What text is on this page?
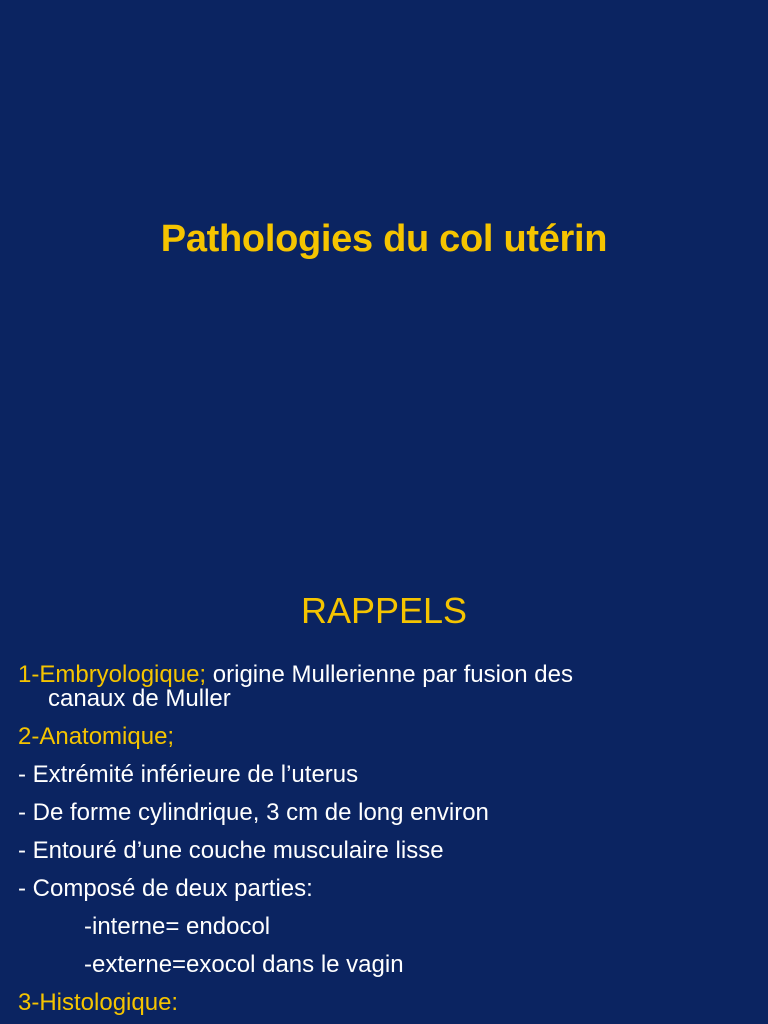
Pathologies du col utérin
RAPPELS
1-Embryologique; origine Mullerienne par fusion des
canaux de Muller
2-Anatomique;
- Extrémité inférieure de l’uterus
- De forme cylindrique, 3 cm de long environ
- Entouré d’une couche musculaire lisse
- Composé de deux parties:
-interne= endocol
-externe=exocol dans le vagin
3-Histologique:
